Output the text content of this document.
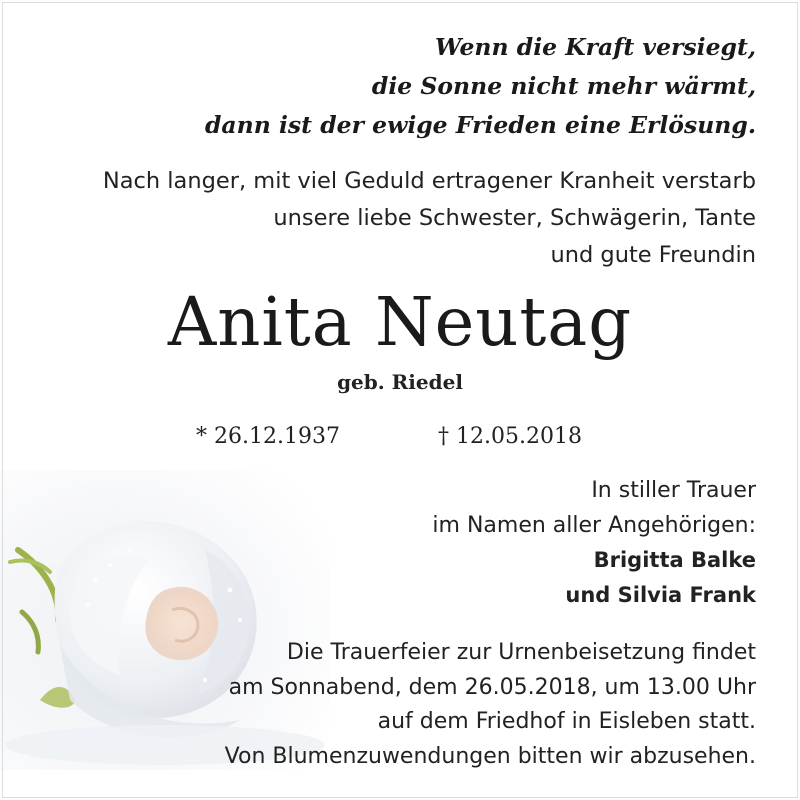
Wenn die Kraft versiegt,
die Sonne nicht mehr wärmt,
dann ist der ewige Frieden eine Erlösung.
Nach langer, mit viel Geduld ertragener Kranheit verstarb
unsere liebe Schwester, Schwägerin, Tante
und gute Freundin
Anita Neutag
geb. Riedel
* 26.12.1937	† 12.05.2018
In stiller Trauer
im Namen aller Angehörigen:
Brigitta Balke
und Silvia Frank
Die Trauerfeier zur Urnenbeisetzung findet
am Sonnabend, dem 26.05.2018, um 13.00 Uhr
auf dem Friedhof in Eisleben statt.
Von Blumenzuwendungen bitten wir abzusehen.
